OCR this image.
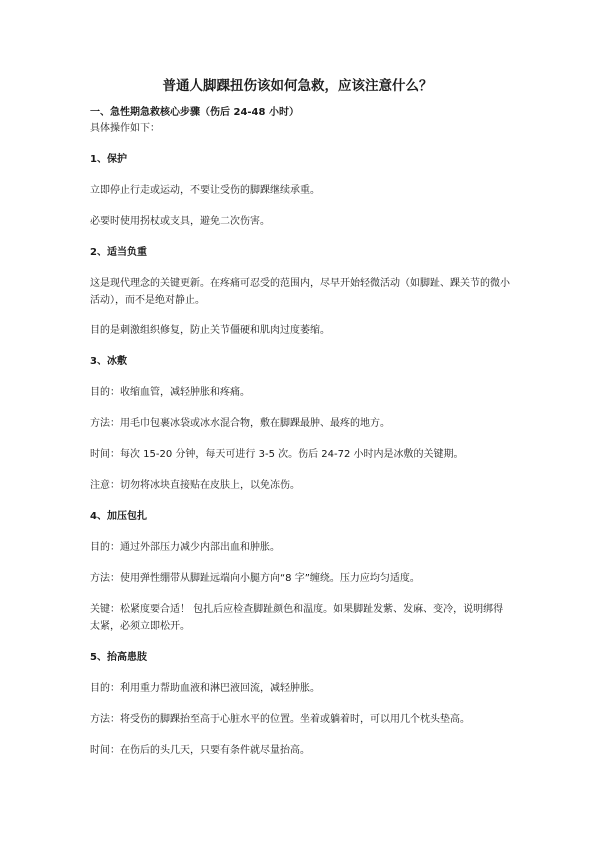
普通人脚踝扭伤该如何急救，应该注意什么？
一、急性期急救核心步骤（伤后 24-48 小时）
具体操作如下：
1、保护
立即停止行走或运动，不要让受伤的脚踝继续承重。
必要时使用拐杖或支具，避免二次伤害。
2、适当负重
这是现代理念的关键更新。在疼痛可忍受的范围内，尽早开始轻微活动（如脚趾、踝关节的微小活动），而不是绝对静止。
目的是刺激组织修复，防止关节僵硬和肌肉过度萎缩。
3、冰敷
目的：收缩血管，减轻肿胀和疼痛。
方法：用毛巾包裹冰袋或冰水混合物，敷在脚踝最肿、最疼的地方。
时间：每次 15-20 分钟，每天可进行 3-5 次。伤后 24-72 小时内是冰敷的关键期。
注意：切勿将冰块直接贴在皮肤上，以免冻伤。
4、加压包扎
目的：通过外部压力减少内部出血和肿胀。
方法：使用弹性绷带从脚趾远端向小腿方向“8 字”缠绕。压力应均匀适度。
关键：松紧度要合适！ 包扎后应检查脚趾颜色和温度。如果脚趾发紫、发麻、变冷，说明绑得太紧，必须立即松开。
5、抬高患肢
目的：利用重力帮助血液和淋巴液回流，减轻肿胀。
方法：将受伤的脚踝抬至高于心脏水平的位置。坐着或躺着时，可以用几个枕头垫高。
时间：在伤后的头几天，只要有条件就尽量抬高。
